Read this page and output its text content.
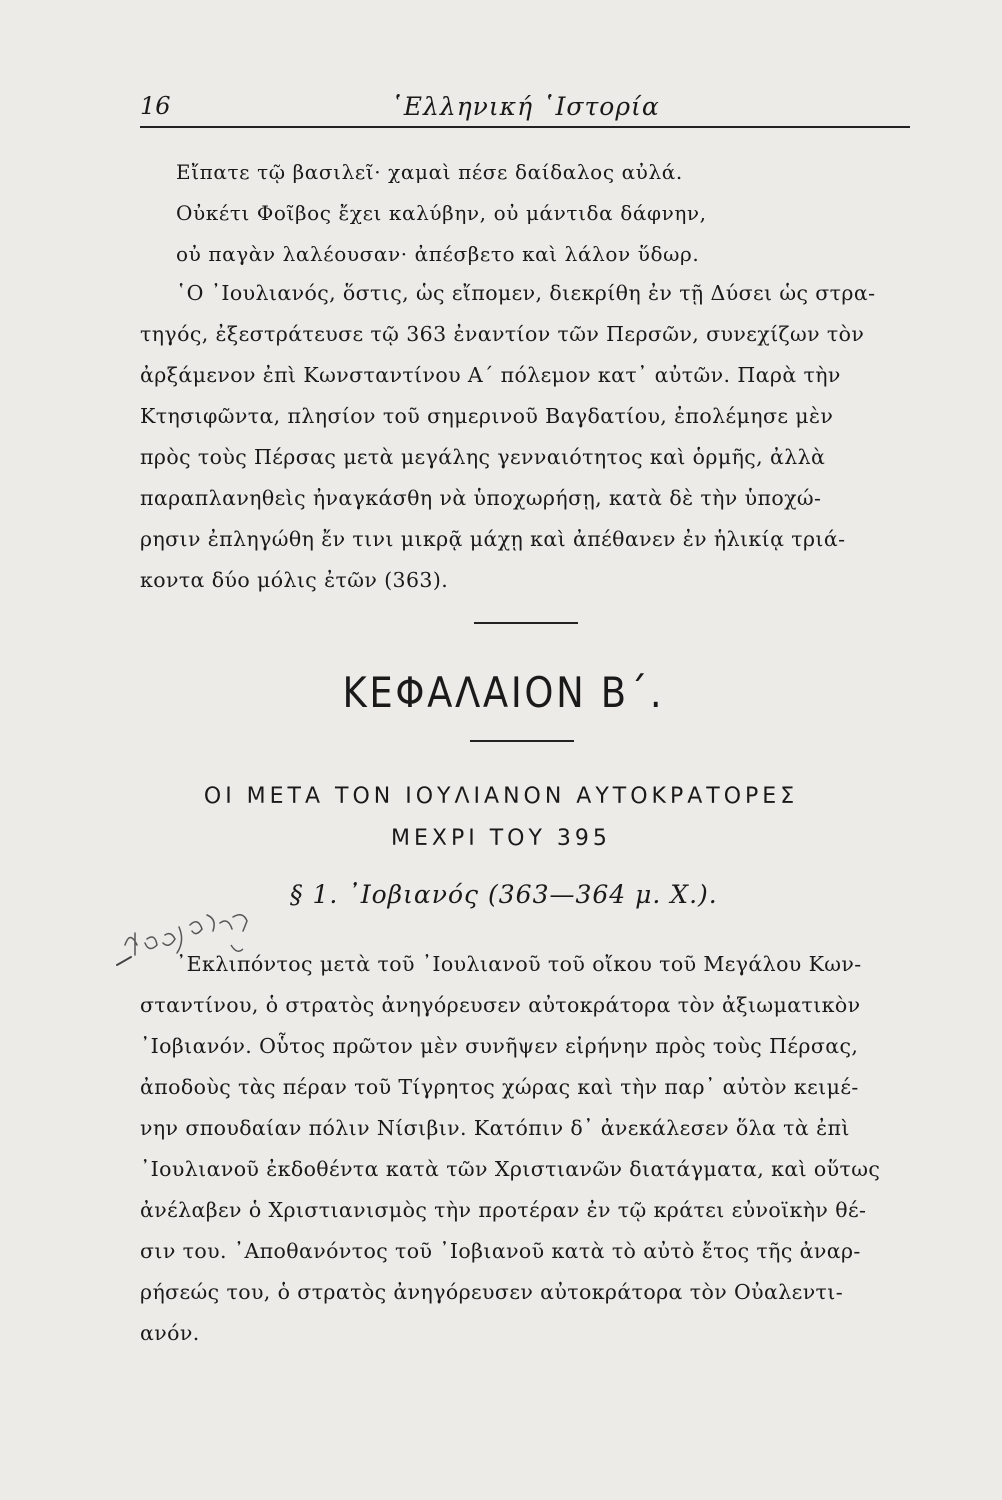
16	῾Ελληνική ῾Ιστορία
Εἴπατε τῷ βασιλεῖ· χαμαὶ πέσε δαίδαλος αὐλά.
Οὐκέτι Φοῖβος ἔχει καλύβην, οὐ μάντιδα δάφνην,
οὐ παγὰν λαλέουσαν· ἀπέσβετο καὶ λάλον ὕδωρ.
῾Ο ᾿Ιουλιανός, ὅστις, ὡς εἴπομεν, διεκρίθη ἐν τῇ Δύσει ὡς στρα-
τηγός, ἐξεστράτευσε τῷ 363 ἐναντίον τῶν Περσῶν, συνεχίζων τὸν
ἀρξάμενον ἐπὶ Κωνσταντίνου Α΄ πόλεμον κατ᾿ αὐτῶν. Παρὰ τὴν
Κτησιφῶντα, πλησίον τοῦ σημερινοῦ Βαγδατίου, ἐπολέμησε μὲν
πρὸς τοὺς Πέρσας μετὰ μεγάλης γενναιότητος καὶ ὁρμῆς, ἀλλὰ
παραπλανηθεὶς ἠναγκάσθη νὰ ὑποχωρήσῃ, κατὰ δὲ τὴν ὑποχώ-
ρησιν ἐπληγώθη ἔν τινι μικρᾷ μάχῃ καὶ ἀπέθανεν ἐν ἡλικίᾳ τριά-
κοντα δύο μόλις ἐτῶν (363).
ΚΕΦΑΛΑΙΟΝ Β΄.
ΟΙ ΜΕΤΑ ΤΟΝ ΙΟΥΛΙΑΝΟΝ ΑΥΤΟΚΡΑΤΟΡΕΣ
ΜΕΧΡΙ ΤΟΥ 395
§ 1. ᾿Ιοβιανός (363—364 μ. Χ.).
᾿Εκλιπόντος μετὰ τοῦ ᾿Ιουλιανοῦ τοῦ οἴκου τοῦ Μεγάλου Κων-
σταντίνου, ὁ στρατὸς ἀνηγόρευσεν αὐτοκράτορα τὸν ἀξιωματικὸν
᾿Ιοβιανόν. Οὗτος πρῶτον μὲν συνῆψεν εἰρήνην πρὸς τοὺς Πέρσας,
ἀποδοὺς τὰς πέραν τοῦ Τίγρητος χώρας καὶ τὴν παρ᾿ αὐτὸν κειμέ-
νην σπουδαίαν πόλιν Νίσιβιν. Κατόπιν δ᾿ ἀνεκάλεσεν ὅλα τὰ ἐπὶ
᾿Ιουλιανοῦ ἐκδοθέντα κατὰ τῶν Χριστιανῶν διατάγματα, καὶ οὕτως
ἀνέλαβεν ὁ Χριστιανισμὸς τὴν προτέραν ἐν τῷ κράτει εὐνοϊκὴν θέ-
σιν του. ᾿Αποθανόντος τοῦ ᾿Ιοβιανοῦ κατὰ τὸ αὐτὸ ἔτος τῆς ἀναρ-
ρήσεώς του, ὁ στρατὸς ἀνηγόρευσεν αὐτοκράτορα τὸν Οὐαλεντι-
ανόν.
